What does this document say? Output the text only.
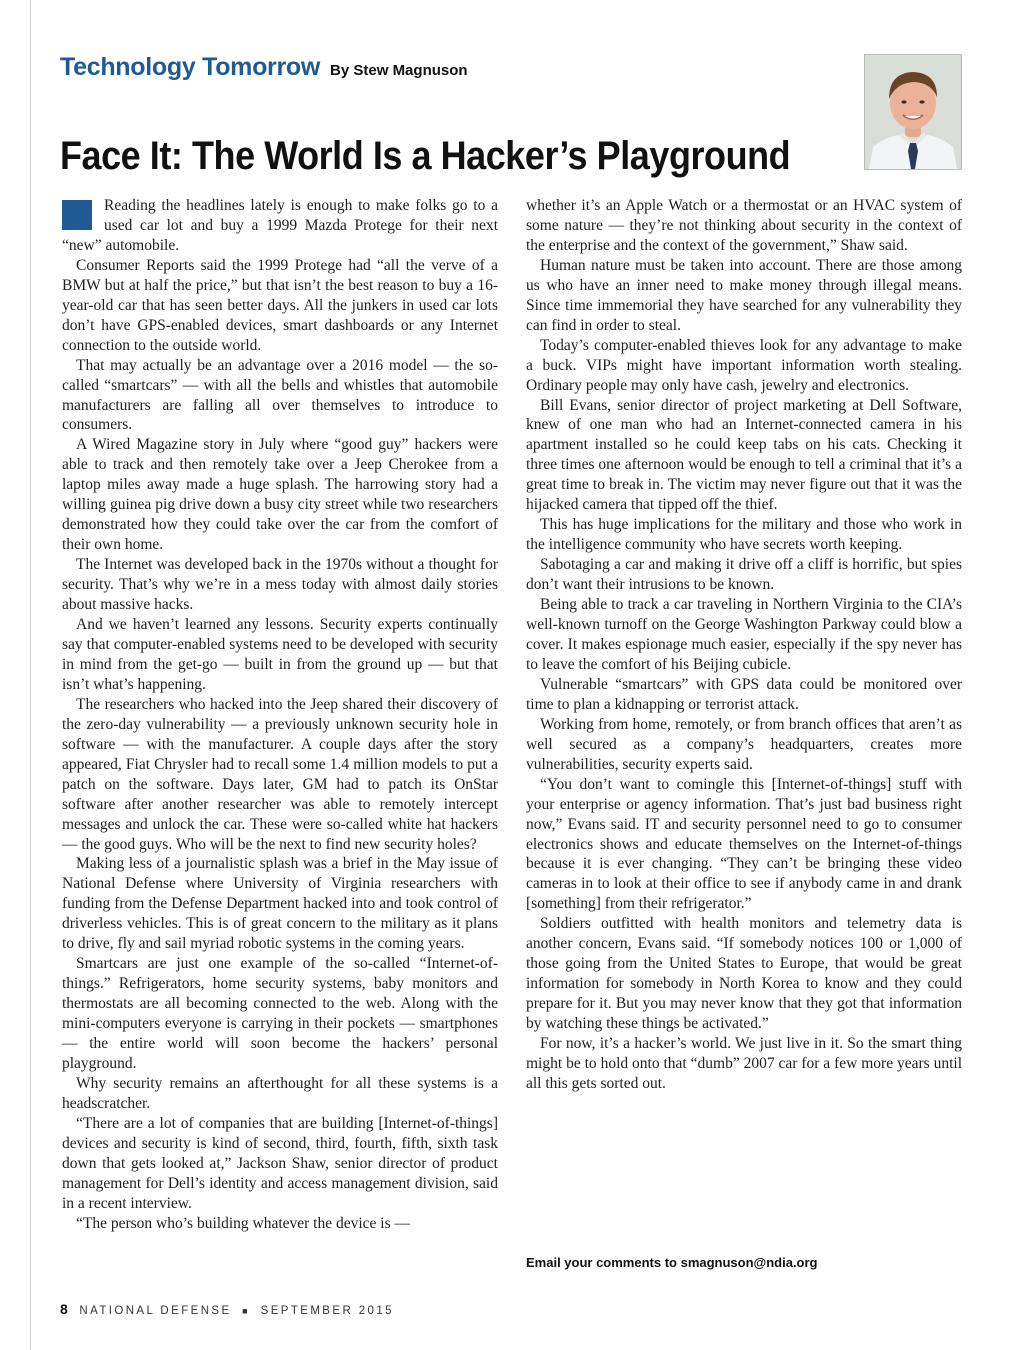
Technology Tomorrow By Stew Magnuson
Face It: The World Is a Hacker’s Playground

Reading the headlines lately is enough to make folks go to a used car lot and buy a 1999 Mazda Protege for their next “new” automobile.

Consumer Reports said the 1999 Protege had “all the verve of a BMW but at half the price,” but that isn’t the best reason to buy a 16-year-old car that has seen better days. All the junkers in used car lots don’t have GPS-enabled devices, smart dashboards or any Internet connection to the outside world.

That may actually be an advantage over a 2016 model — the so-called “smartcars” — with all the bells and whistles that automobile manufacturers are falling all over themselves to introduce to consumers.

A Wired Magazine story in July where “good guy” hackers were able to track and then remotely take over a Jeep Cherokee from a laptop miles away made a huge splash. The harrowing story had a willing guinea pig drive down a busy city street while two researchers demonstrated how they could take over the car from the comfort of their own home.

The Internet was developed back in the 1970s without a thought for security. That’s why we’re in a mess today with almost daily stories about massive hacks.

And we haven’t learned any lessons. Security experts continually say that computer-enabled systems need to be developed with security in mind from the get-go — built in from the ground up — but that isn’t what’s happening.

The researchers who hacked into the Jeep shared their discovery of the zero-day vulnerability — a previously unknown security hole in software — with the manufacturer. A couple days after the story appeared, Fiat Chrysler had to recall some 1.4 million models to put a patch on the software. Days later, GM had to patch its OnStar software after another researcher was able to remotely intercept messages and unlock the car. These were so-called white hat hackers — the good guys. Who will be the next to find new security holes?

Making less of a journalistic splash was a brief in the May issue of National Defense where University of Virginia researchers with funding from the Defense Department hacked into and took control of driverless vehicles. This is of great concern to the military as it plans to drive, fly and sail myriad robotic systems in the coming years.

Smartcars are just one example of the so-called “Internet-of-things.” Refrigerators, home security systems, baby monitors and thermostats are all becoming connected to the web. Along with the mini-computers everyone is carrying in their pockets — smartphones — the entire world will soon become the hackers’ personal playground.

Why security remains an afterthought for all these systems is a headscratcher.

“There are a lot of companies that are building [Internet-of-things] devices and security is kind of second, third, fourth, fifth, sixth task down that gets looked at,” Jackson Shaw, senior director of product management for Dell’s identity and access management division, said in a recent interview.

“The person who’s building whatever the device is —

whether it’s an Apple Watch or a thermostat or an HVAC system of some nature — they’re not thinking about security in the context of the enterprise and the context of the government,” Shaw said.

Human nature must be taken into account. There are those among us who have an inner need to make money through illegal means. Since time immemorial they have searched for any vulnerability they can find in order to steal.

Today’s computer-enabled thieves look for any advantage to make a buck. VIPs might have important information worth stealing. Ordinary people may only have cash, jewelry and electronics.

Bill Evans, senior director of project marketing at Dell Software, knew of one man who had an Internet-connected camera in his apartment installed so he could keep tabs on his cats. Checking it three times one afternoon would be enough to tell a criminal that it’s a great time to break in. The victim may never figure out that it was the hijacked camera that tipped off the thief.

This has huge implications for the military and those who work in the intelligence community who have secrets worth keeping.

Sabotaging a car and making it drive off a cliff is horrific, but spies don’t want their intrusions to be known.

Being able to track a car traveling in Northern Virginia to the CIA’s well-known turnoff on the George Washington Parkway could blow a cover. It makes espionage much easier, especially if the spy never has to leave the comfort of his Beijing cubicle.

Vulnerable “smartcars” with GPS data could be monitored over time to plan a kidnapping or terrorist attack.

Working from home, remotely, or from branch offices that aren’t as well secured as a company’s headquarters, creates more vulnerabilities, security experts said.

“You don’t want to comingle this [Internet-of-things] stuff with your enterprise or agency information. That’s just bad business right now,” Evans said. IT and security personnel need to go to consumer electronics shows and educate themselves on the Internet-of-things because it is ever changing. “They can’t be bringing these video cameras in to look at their office to see if anybody came in and drank [something] from their refrigerator.”

Soldiers outfitted with health monitors and telemetry data is another concern, Evans said. “If somebody notices 100 or 1,000 of those going from the United States to Europe, that would be great information for somebody in North Korea to know and they could prepare for it. But you may never know that they got that information by watching these things be activated.”

For now, it’s a hacker’s world. We just live in it. So the smart thing might be to hold onto that “dumb” 2007 car for a few more years until all this gets sorted out.

Email your comments to smagnuson@ndia.org
8 NATIONAL DEFENSE ■ SEPTEMBER 2015
